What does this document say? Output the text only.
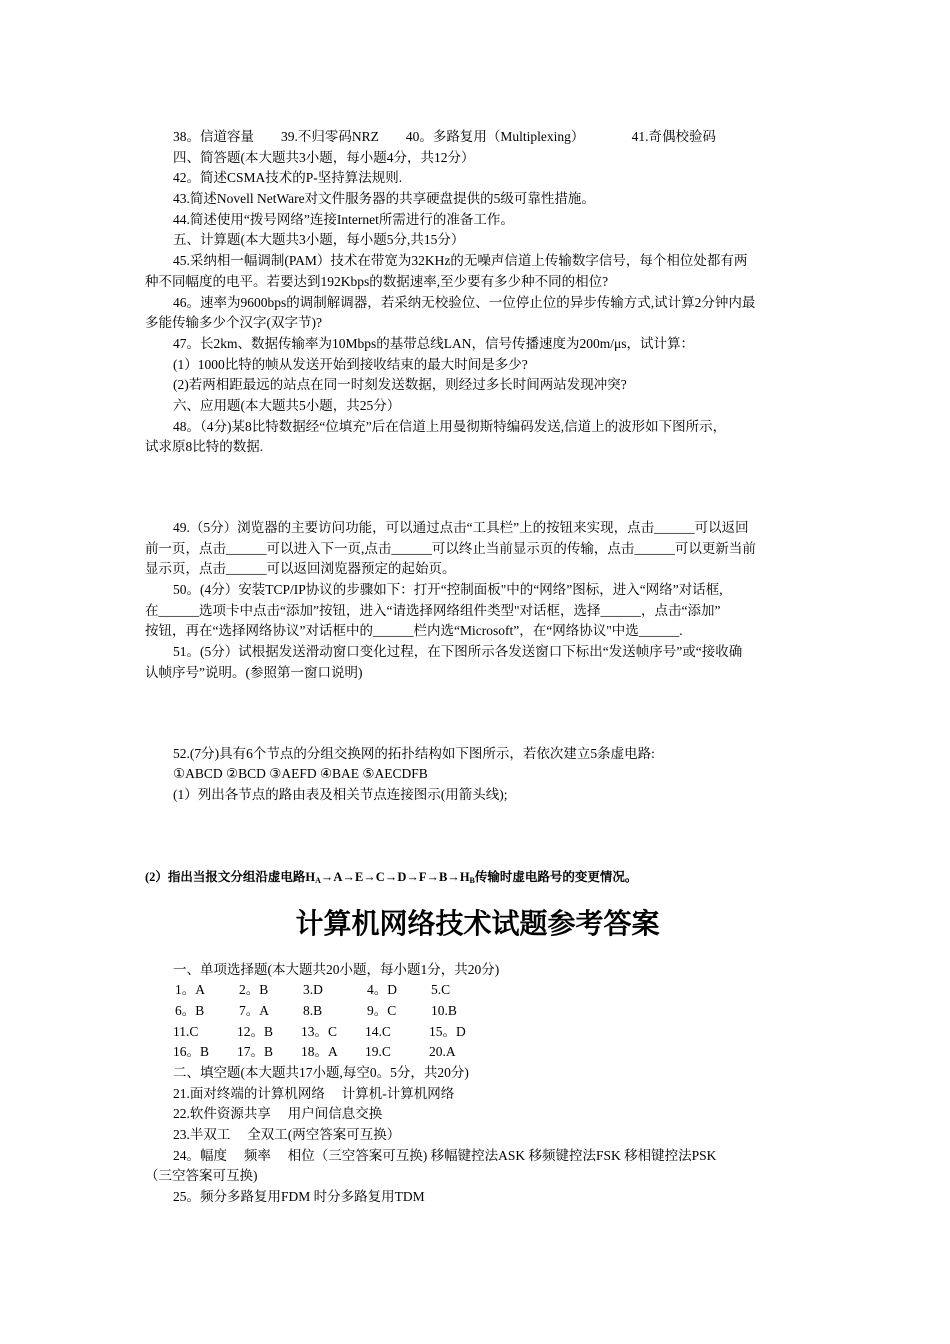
38。信道容量　　39.不归零码NRZ　　40。多路复用（Multiplexing）　　　　41.奇偶校验码
四、简答题(本大题共3小题，每小题4分，共12分）
42。简述CSMA技术的P-坚持算法规则.
43.简述Novell NetWare对文件服务器的共享硬盘提供的5级可靠性措施。
44.简述使用“拨号网络”连接Internet所需进行的准备工作。
五、计算题(本大题共3小题，每小题5分,共15分）
45.采纳相一幅调制(PAM）技术在带宽为32KHz的无噪声信道上传输数字信号，每个相位处都有两
种不同幅度的电平。若要达到192Kbps的数据速率,至少要有多少种不同的相位?
46。速率为9600bps的调制解调器，若采纳无校验位、一位停止位的异步传输方式,试计算2分钟内最
多能传输多少个汉字(双字节)?
47。长2km、数据传输率为10Mbps的基带总线LAN，信号传播速度为200m/μs，试计算：
(1）1000比特的帧从发送开始到接收结束的最大时间是多少?
(2)若两相距最远的站点在同一时刻发送数据，则经过多长时间两站发现冲突?
六、应用题(本大题共5小题，共25分）
48。（4分)某8比特数据经“位填充”后在信道上用曼彻斯特编码发送,信道上的波形如下图所示，
试求原8比特的数据.
49.（5分）浏览器的主要访问功能，可以通过点击“工具栏”上的按钮来实现，点击______可以返回
前一页，点击______可以进入下一页,点击______可以终止当前显示页的传输，点击______可以更新当前
显示页，点击______可以返回浏览器预定的起始页。
50。(4分）安装TCP/IP协议的步骤如下：打开“控制面板"中的“网络”图标，进入“网络”对话框,
在______选项卡中点击“添加”按钮，进入“请选择网络组件类型"对话框，选择______，点击“添加”
按钮，再在“选择网络协议”对话框中的______栏内选“Microsoft”，在“网络协议"中选______.
51。(5分）试根据发送滑动窗口变化过程，在下图所示各发送窗口下标出“发送帧序号”或“接收确
认帧序号”说明。(参照第一窗口说明)
52.(7分)具有6个节点的分组交换网的拓扑结构如下图所示，若依次建立5条虚电路:
①ABCD ②BCD ③AEFD ④BAE ⑤AECDFB
(1）列出各节点的路由表及相关节点连接图示(用箭头线);
(2）指出当报文分组沿虚电路$H_A\to A\to E\to C\to D\to F\to B\to H_B$传输时虚电路号的变更情况。
计算机网络技术试题参考答案
一、单项选择题(本大题共20小题，每小题1分，共20分)
1。A	2。B	3.D	4。D	5.C
6。B	7。A	8.B	9。C	10.B
11.C	12。B 13。C 14.C	15。D
16。B 17。B 18。A 19.C	20.A
二、填空题(本大题共17小题,每空0。5分，共20分)
21.面对终端的计算机网络　 计算机-计算机网络
22.软件资源共享　 用户间信息交换
23.半双工　 全双工(两空答案可互换）
24。幅度　 频率　 相位（三空答案可互换) 移幅键控法ASK 移频键控法FSK 移相键控法PSK
（三空答案可互换)
25。频分多路复用FDM 时分多路复用TDM
